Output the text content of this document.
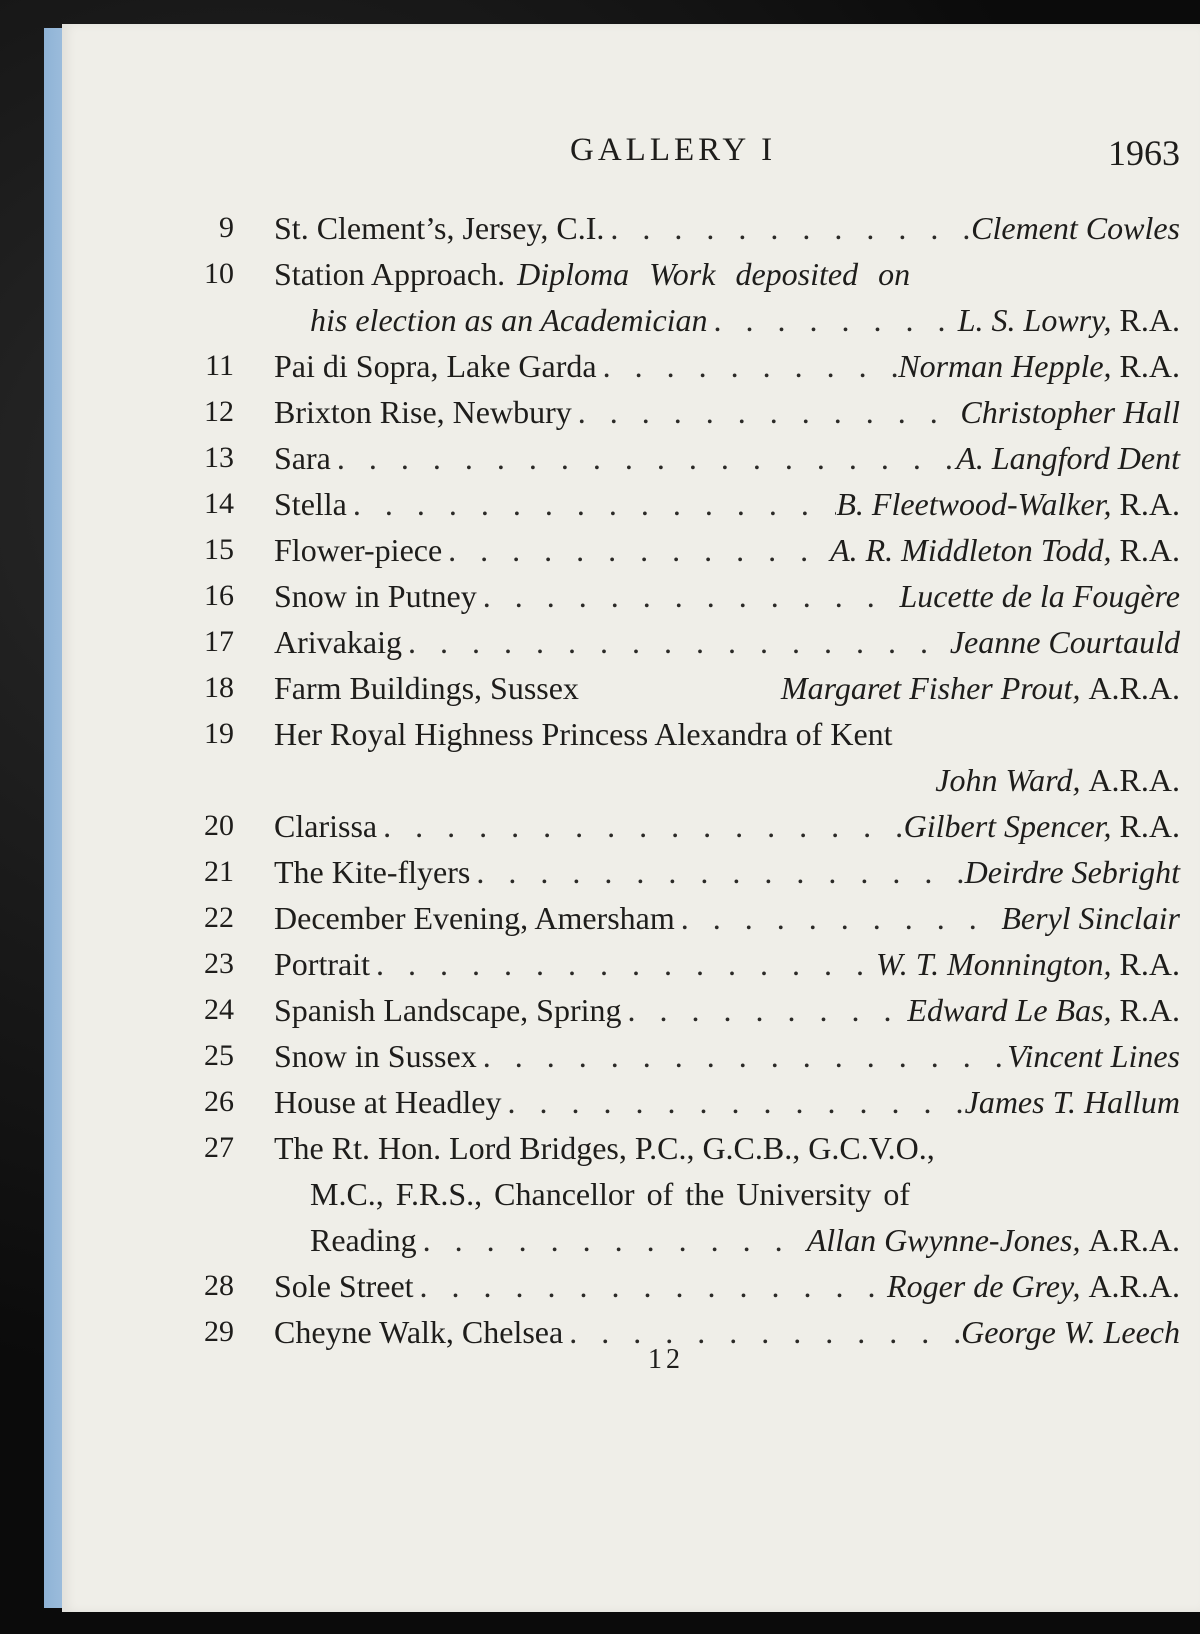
GALLERY I	1963
9 St. Clement’s, Jersey, C.I. . . .	Clement Cowles
10 Station Approach. Diploma Work deposited on
his election as an Academician . . .	L. S. Lowry, R.A.
11 Pai di Sopra, Lake Garda . . .	Norman Hepple, R.A.
12 Brixton Rise, Newbury . . .	Christopher Hall
13 Sara . . .	A. Langford Dent
14 Stella . . .	B. Fleetwood-Walker, R.A.
15 Flower-piece . . .	A. R. Middleton Todd, R.A.
16 Snow in Putney . . .	Lucette de la Fougère
17 Arivakaig . . .	Jeanne Courtauld
18 Farm Buildings, Sussex	Margaret Fisher Prout, A.R.A.
19 Her Royal Highness Princess Alexandra of Kent
John Ward, A.R.A.
20 Clarissa . . .	Gilbert Spencer, R.A.
21 The Kite-flyers . . .	Deirdre Sebright
22 December Evening, Amersham . . .	Beryl Sinclair
23 Portrait . . .	W. T. Monnington, R.A.
24 Spanish Landscape, Spring . . .	Edward Le Bas, R.A.
25 Snow in Sussex . . .	Vincent Lines
26 House at Headley . . .	James T. Hallum
27 The Rt. Hon. Lord Bridges, P.C., G.C.B., G.C.V.O.,
M.C., F.R.S., Chancellor of the University of
Reading . . .	Allan Gwynne-Jones, A.R.A.
28 Sole Street . . .	Roger de Grey, A.R.A.
29 Cheyne Walk, Chelsea . . .	George W. Leech
12
